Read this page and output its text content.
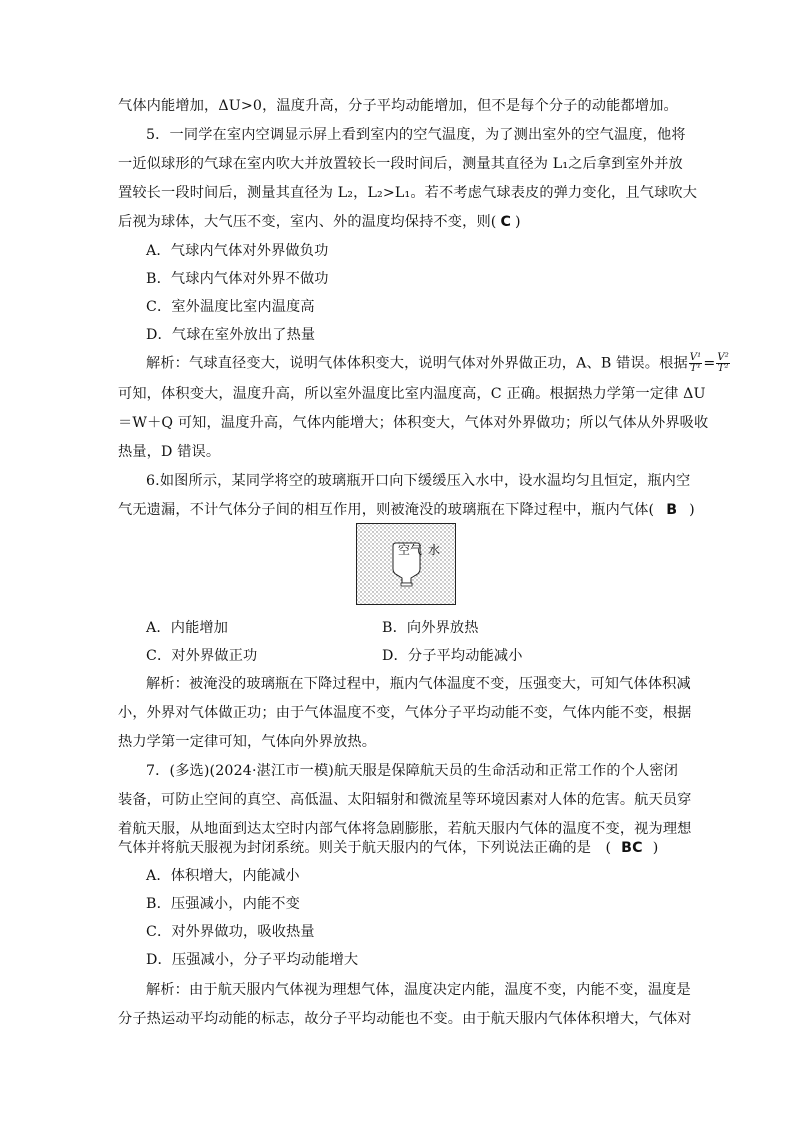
气体内能增加，ΔU>0，温度升高，分子平均动能增加，但不是每个分子的动能都增加。
5．一同学在室内空调显示屏上看到室内的空气温度，为了测出室外的空气温度，他将
一近似球形的气球在室内吹大并放置较长一段时间后，测量其直径为 L₁之后拿到室外并放
置较长一段时间后，测量其直径为 L₂，L₂>L₁。若不考虑气球表皮的弹力变化，且气球吹大
后视为球体，大气压不变，室内、外的温度均保持不变，则( C )
A．气球内气体对外界做负功
B．气球内气体对外界不做功
C．室外温度比室内温度高
D．气球在室外放出了热量
解析：气球直径变大，说明气体体积变大，说明气体对外界做正功，A、B 错误。根据 $\frac{\text{V¹}}{\text{T¹}} = \frac{\text{V²}}{\text{T²}}$
可知，体积变大，温度升高，所以室外温度比室内温度高，C 正确。根据热力学第一定律 ΔU
＝W＋Q 可知，温度升高，气体内能增大；体积变大，气体对外界做功；所以气体从外界吸收
热量，D 错误。
6.如图所示，某同学将空的玻璃瓶开口向下缓缓压入水中，设水温均匀且恒定，瓶内空
气无遗漏，不计气体分子间的相互作用，则被淹没的玻璃瓶在下降过程中，瓶内气体( B )
空气 水
A．内能增加	B．向外界放热
C．对外界做正功	D．分子平均动能减小
解析：被淹没的玻璃瓶在下降过程中，瓶内气体温度不变，压强变大，可知气体体积减
小，外界对气体做正功；由于气体温度不变，气体分子平均动能不变，气体内能不变，根据
热力学第一定律可知，气体向外界放热。
7．(多选)(2024·湛江市一模)航天服是保障航天员的生命活动和正常工作的个人密闭
装备，可防止空间的真空、高低温、太阳辐射和微流星等环境因素对人体的危害。航天员穿
着航天服，从地面到达太空时内部气体将急剧膨胀，若航天服内气体的温度不变，视为理想
气体并将航天服视为封闭系统。则关于航天服内的气体，下列说法正确的是　( BC )
A．体积增大，内能减小
B．压强减小，内能不变
C．对外界做功，吸收热量
D．压强减小，分子平均动能增大
解析：由于航天服内气体视为理想气体，温度决定内能，温度不变，内能不变，温度是
分子热运动平均动能的标志，故分子平均动能也不变。由于航天服内气体体积增大，气体对
